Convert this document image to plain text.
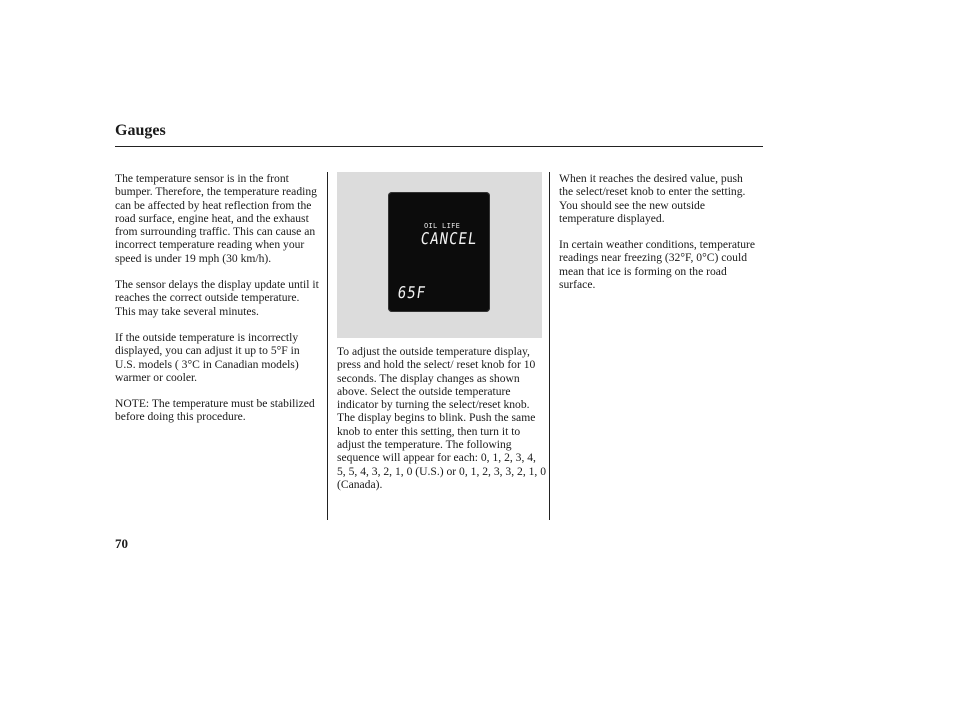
Gauges

The temperature sensor is in the front bumper. Therefore, the temperature reading can be affected by heat reflection from the road surface, engine heat, and the exhaust from surrounding traffic. This can cause an incorrect temperature reading when your speed is under 19 mph (30 km/h).

The sensor delays the display update until it reaches the correct outside temperature. This may take several minutes.

If the outside temperature is incorrectly displayed, you can adjust it up to 5°F in U.S. models ( 3°C in Canadian models) warmer or cooler.

NOTE: The temperature must be stabilized before doing this procedure.

OIL LIFE
CANCEL
65F

To adjust the outside temperature display, press and hold the select/ reset knob for 10 seconds. The display changes as shown above. Select the outside temperature indicator by turning the select/reset knob. The display begins to blink. Push the same knob to enter this setting, then turn it to adjust the temperature. The following sequence will appear for each: 0, 1, 2, 3, 4, 5, 5, 4, 3, 2, 1, 0 (U.S.) or 0, 1, 2, 3, 3, 2, 1, 0 (Canada).

When it reaches the desired value, push the select/reset knob to enter the setting. You should see the new outside temperature displayed.

In certain weather conditions, temperature readings near freezing (32°F, 0°C) could mean that ice is forming on the road surface.

70
